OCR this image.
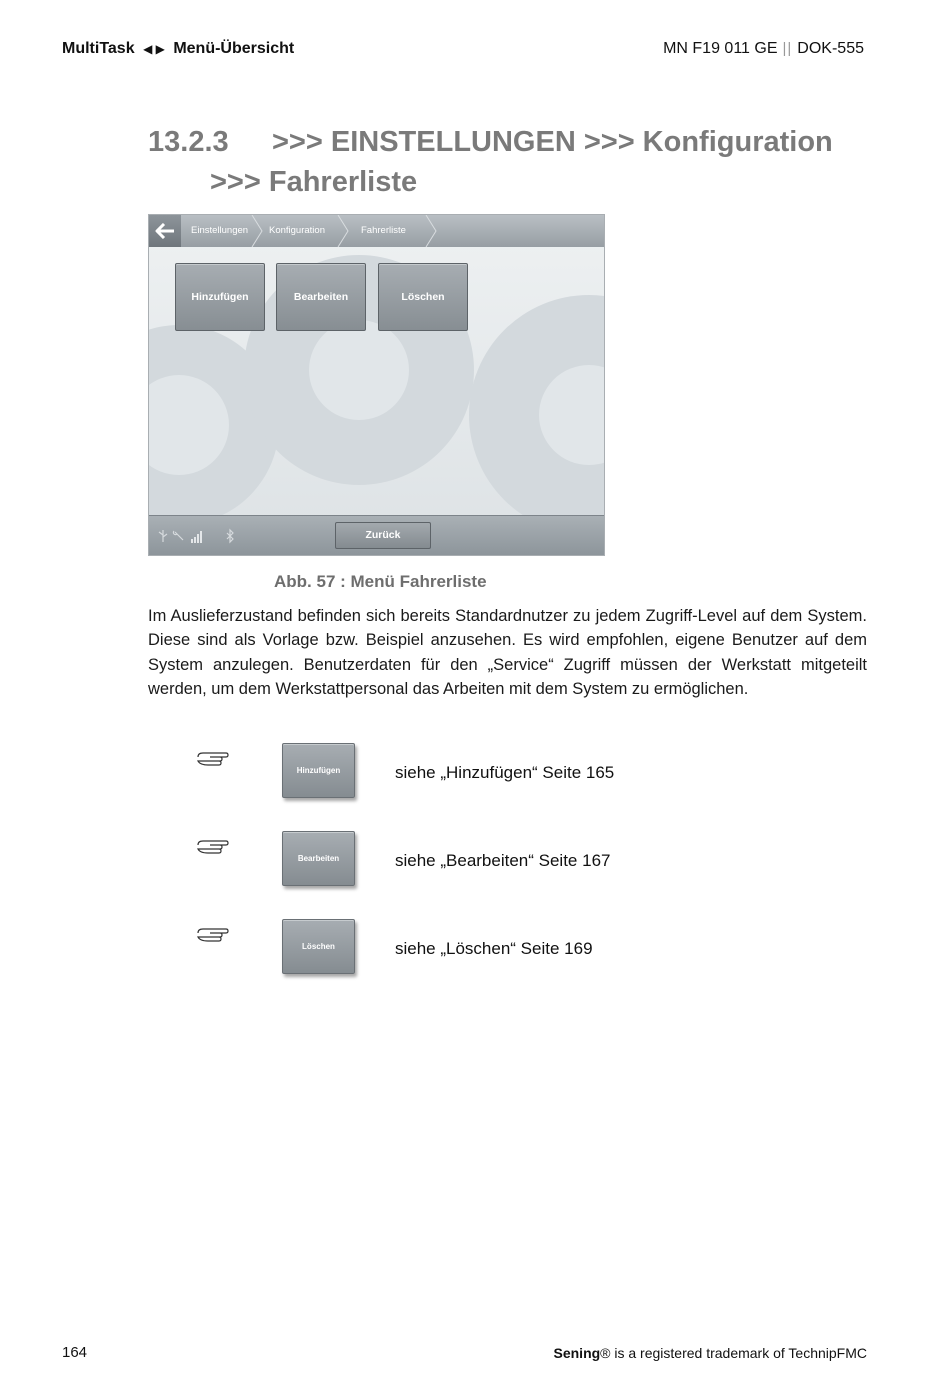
MultiTask ◀ ▶ Menü-Übersicht	MN F19 011 GE || DOK-555
13.2.3 >>> EINSTELLUNGEN >>> Konfiguration
>>> Fahrerliste
Einstellungen Konfiguration	Fahrerliste
Hinzufügen	Bearbeiten	Löschen
Zurück
Abb. 57 : Menü Fahrerliste

Im Auslieferzustand befinden sich bereits Standardnutzer zu jedem Zugriff-Level auf dem System. Diese sind als Vorlage bzw. Beispiel anzusehen. Es wird empfohlen, eigene Benutzer auf dem System anzulegen. Benutzerdaten für den „Service“ Zugriff müssen der Werkstatt mitgeteilt werden, um dem Werkstattpersonal das Arbeiten mit dem System zu ermöglichen.

Hinzufügen	siehe „Hinzufügen“ Seite 165
Bearbeiten	siehe „Bearbeiten“ Seite 167
Löschen	siehe „Löschen“ Seite 169
164	Sening® is a registered trademark of TechnipFMC
